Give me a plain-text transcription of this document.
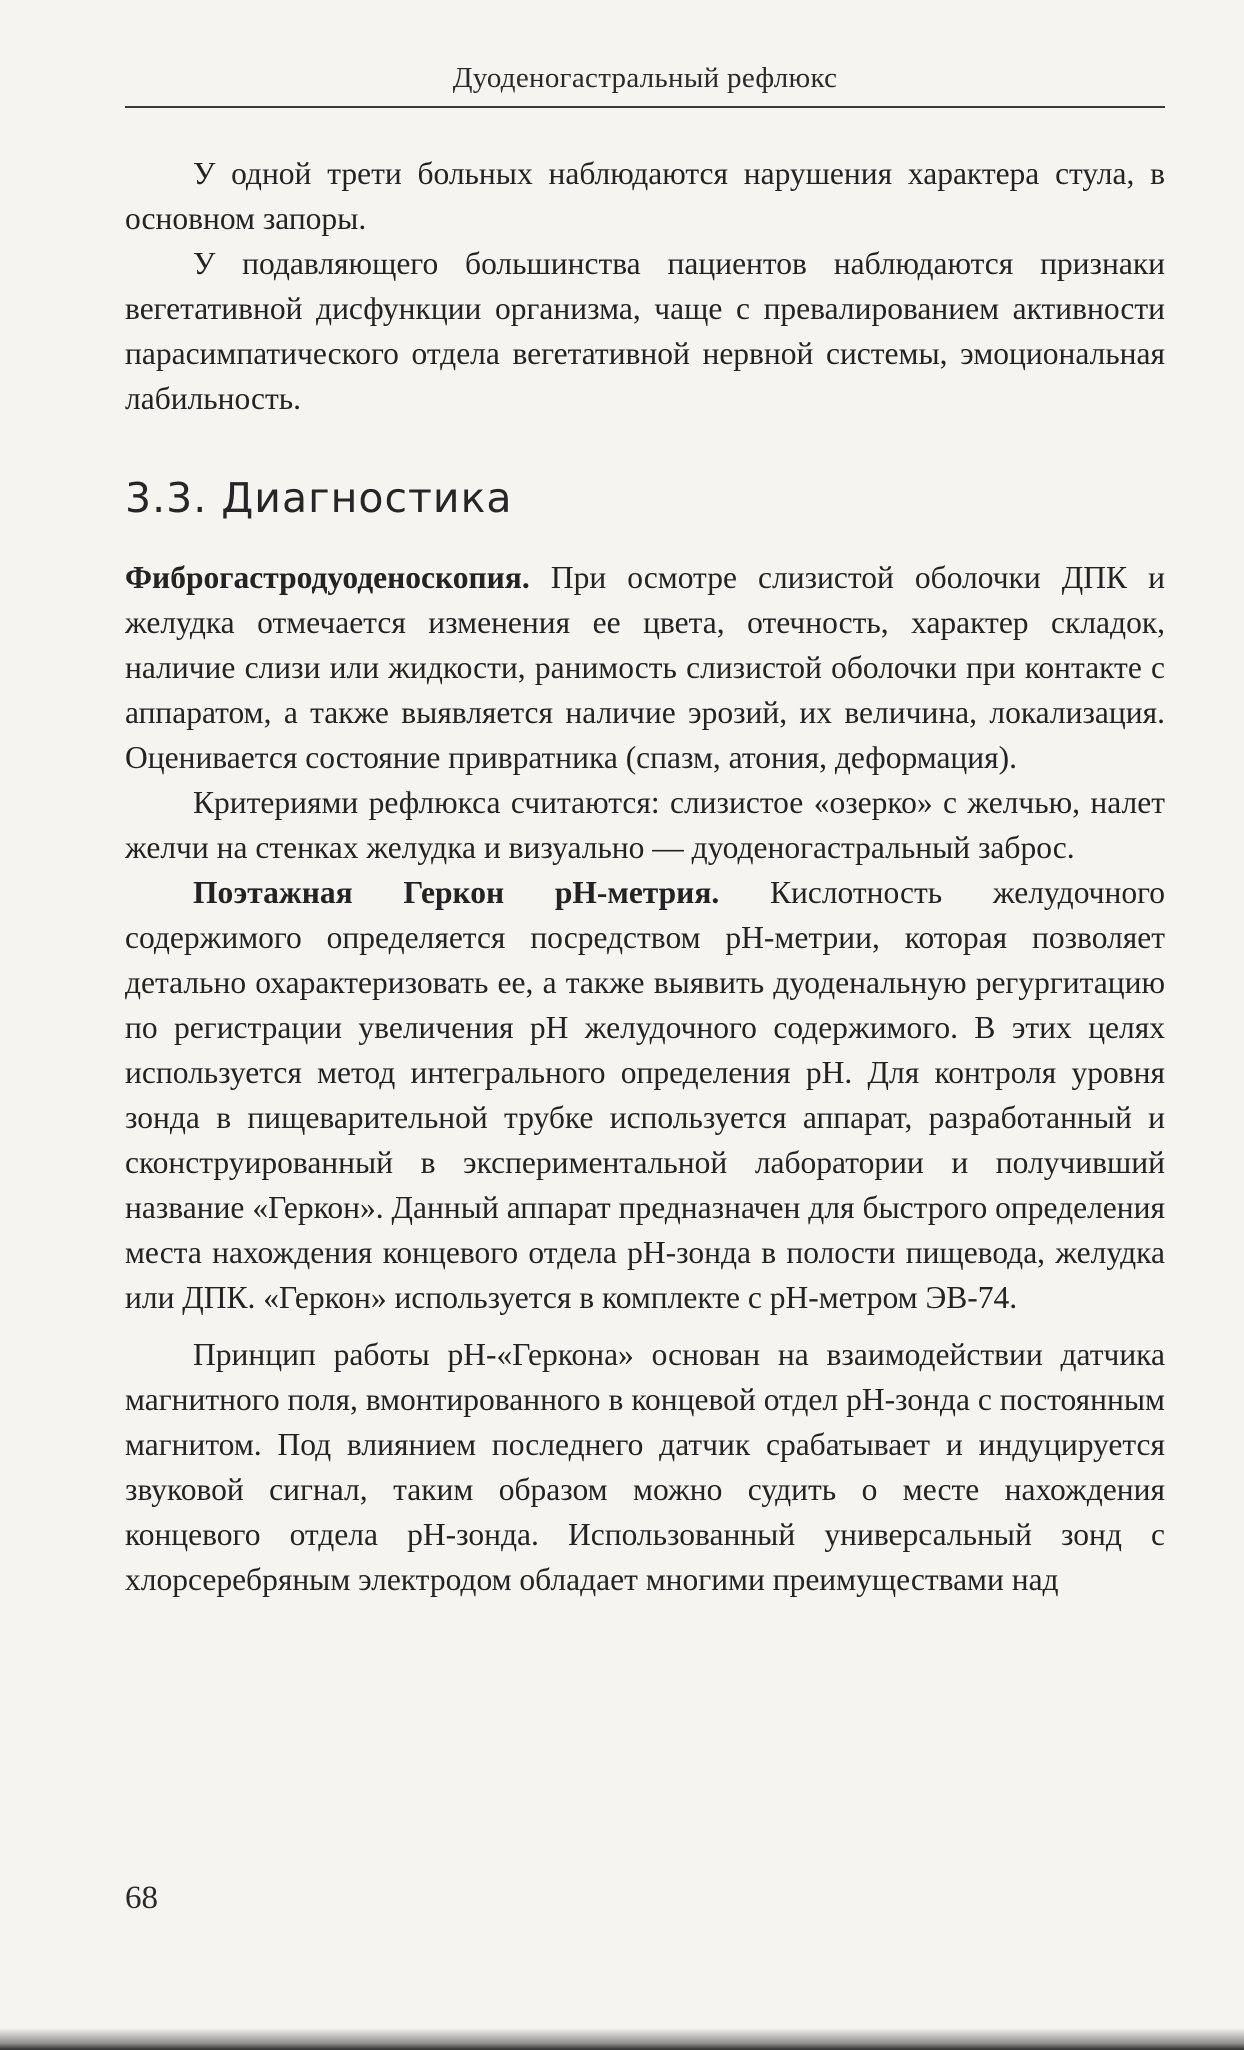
Дуоденогастральный рефлюкс

У одной трети больных наблюдаются нарушения характера стула, в основном запоры.

У подавляющего большинства пациентов наблюдаются признаки вегетативной дисфункции организма, чаще с превалированием активности парасимпатического отдела вегетативной нервной системы, эмоциональная лабильность.

3.3. Диагностика

Фиброгастродуоденоскопия. При осмотре слизистой оболочки ДПК и желудка отмечается изменения ее цвета, отечность, характер складок, наличие слизи или жидкости, ранимость слизистой оболочки при контакте с аппаратом, а также выявляется наличие эрозий, их величина, локализация. Оценивается состояние привратника (спазм, атония, деформация).

Критериями рефлюкса считаются: слизистое «озерко» с желчью, налет желчи на стенках желудка и визуально — дуоденогастральный заброс.

Поэтажная Геркон рН-метрия. Кислотность желудочного содержимого определяется посредством рН-метрии, которая позволяет детально охарактеризовать ее, а также выявить дуоденальную регургитацию по регистрации увеличения рН желудочного содержимого. В этих целях используется метод интегрального определения рН. Для контроля уровня зонда в пищеварительной трубке используется аппарат, разработанный и сконструированный в экспериментальной лаборатории и получивший название «Геркон». Данный аппарат предназначен для быстрого определения места нахождения концевого отдела рН-зонда в полости пищевода, желудка или ДПК. «Геркон» используется в комплекте с рН-метром ЭВ-74.

Принцип работы рН-«Геркона» основан на взаимодействии датчика магнитного поля, вмонтированного в концевой отдел рН-зонда с постоянным магнитом. Под влиянием последнего датчик срабатывает и индуцируется звуковой сигнал, таким образом можно судить о месте нахождения концевого отдела рН-зонда. Использованный универсальный зонд с хлорсеребряным электродом обладает многими преимуществами над

68
